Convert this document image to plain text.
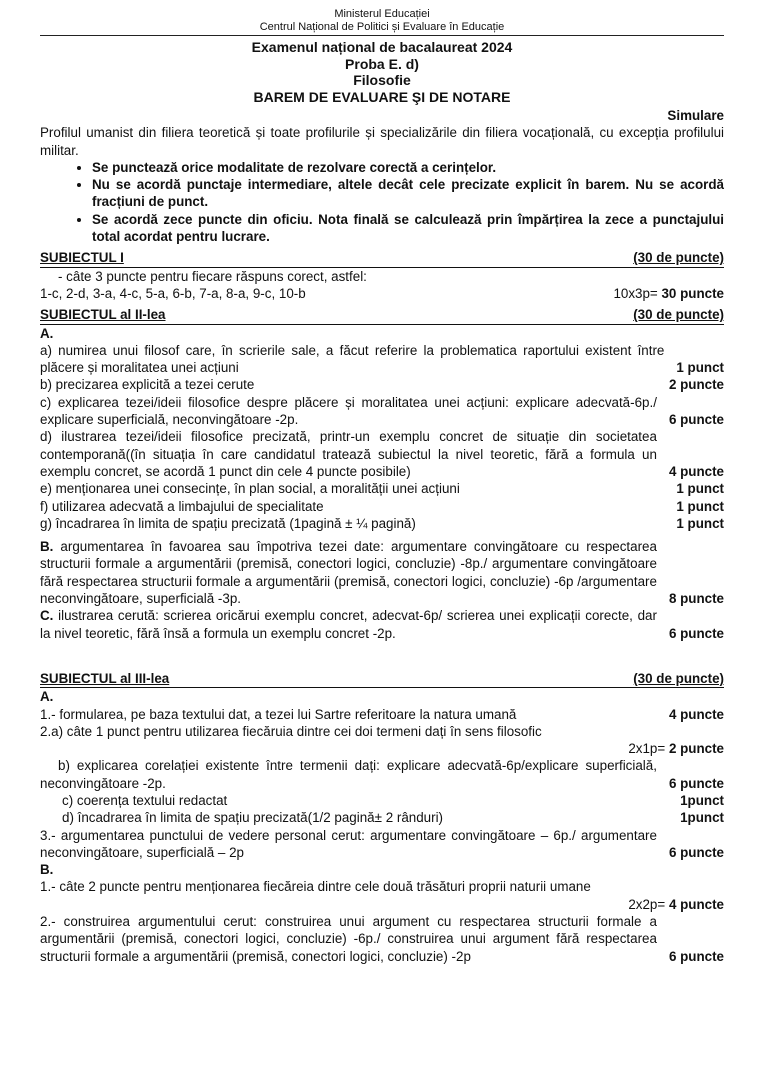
Ministerul Educației
Centrul Național de Politici și Evaluare în Educație
Examenul național de bacalaureat 2024
Proba E. d)
Filosofie
BAREM DE EVALUARE ŞI DE NOTARE
Simulare
Profilul umanist din filiera teoretică și toate profilurile și specializările din filiera vocațională, cu excepția profilului militar.
• Se punctează orice modalitate de rezolvare corectă a cerințelor.
• Nu se acordă punctaje intermediare, altele decât cele precizate explicit în barem. Nu se acordă fracțiuni de punct.
• Se acordă zece puncte din oficiu. Nota finală se calculează prin împărțirea la zece a punctajului total acordat pentru lucrare.
SUBIECTUL I	(30 de puncte)
- câte 3 puncte pentru fiecare răspuns corect, astfel:
1-c, 2-d, 3-a, 4-c, 5-a, 6-b, 7-a, 8-a, 9-c, 10-b	10x3p= 30 puncte
SUBIECTUL al II-lea	(30 de puncte)
A.
a) numirea unui filosof care, în scrierile sale, a făcut referire la problematica raportului existent între plăcere și moralitatea unei acțiuni	1 punct
b) precizarea explicită a tezei cerute	2 puncte
c) explicarea tezei/ideii filosofice despre plăcere și moralitatea unei acțiuni: explicare adecvată-6p./ explicare superficială, neconvingătoare -2p.	6 puncte
d) ilustrarea tezei/ideii filosofice precizată, printr-un exemplu concret de situație din societatea contemporană((în situația în care candidatul tratează subiectul la nivel teoretic, fără a formula un exemplu concret, se acordă 1 punct din cele 4 puncte posibile)	4 puncte
e) menționarea unei consecințe, în plan social, a moralității unei acțiuni	1 punct
f) utilizarea adecvată a limbajului de specialitate	1 punct
g) încadrarea în limita de spațiu precizată (1pagină ± ¼ pagină)	1 punct
B. argumentarea în favoarea sau împotriva tezei date: argumentare convingătoare cu respectarea structurii formale a argumentării (premisă, conectori logici, concluzie) -8p./ argumentare convingătoare fără respectarea structurii formale a argumentării (premisă, conectori logici, concluzie) -6p /argumentare neconvingătoare, superficială -3p.	8 puncte
C. ilustrarea cerută: scrierea oricărui exemplu concret, adecvat-6p/ scrierea unei explicații corecte, dar la nivel teoretic, fără însă a formula un exemplu concret -2p.	6 puncte
SUBIECTUL al III-lea	(30 de puncte)
A.
1.- formularea, pe baza textului dat, a tezei lui Sartre referitoare la natura umană	4 puncte
2.a) câte 1 punct pentru utilizarea fiecăruia dintre cei doi termeni dați în sens filosofic
2x1p= 2 puncte
b) explicarea corelației existente între termenii dați: explicare adecvată-6p/explicare superficială, neconvingătoare -2p.	6 puncte
c) coerența textului redactat	1punct
d) încadrarea în limita de spațiu precizată(1/2 pagină± 2 rânduri)	1punct
3.- argumentarea punctului de vedere personal cerut: argumentare convingătoare – 6p./ argumentare neconvingătoare, superficială – 2p	6 puncte
B.
1.- câte 2 puncte pentru menționarea fiecăreia dintre cele două trăsături proprii naturii umane
2x2p= 4 puncte
2.- construirea argumentului cerut: construirea unui argument cu respectarea structurii formale a argumentării (premisă, conectori logici, concluzie) -6p./ construirea unui argument fără respectarea structurii formale a argumentării (premisă, conectori logici, concluzie) -2p	6 puncte
